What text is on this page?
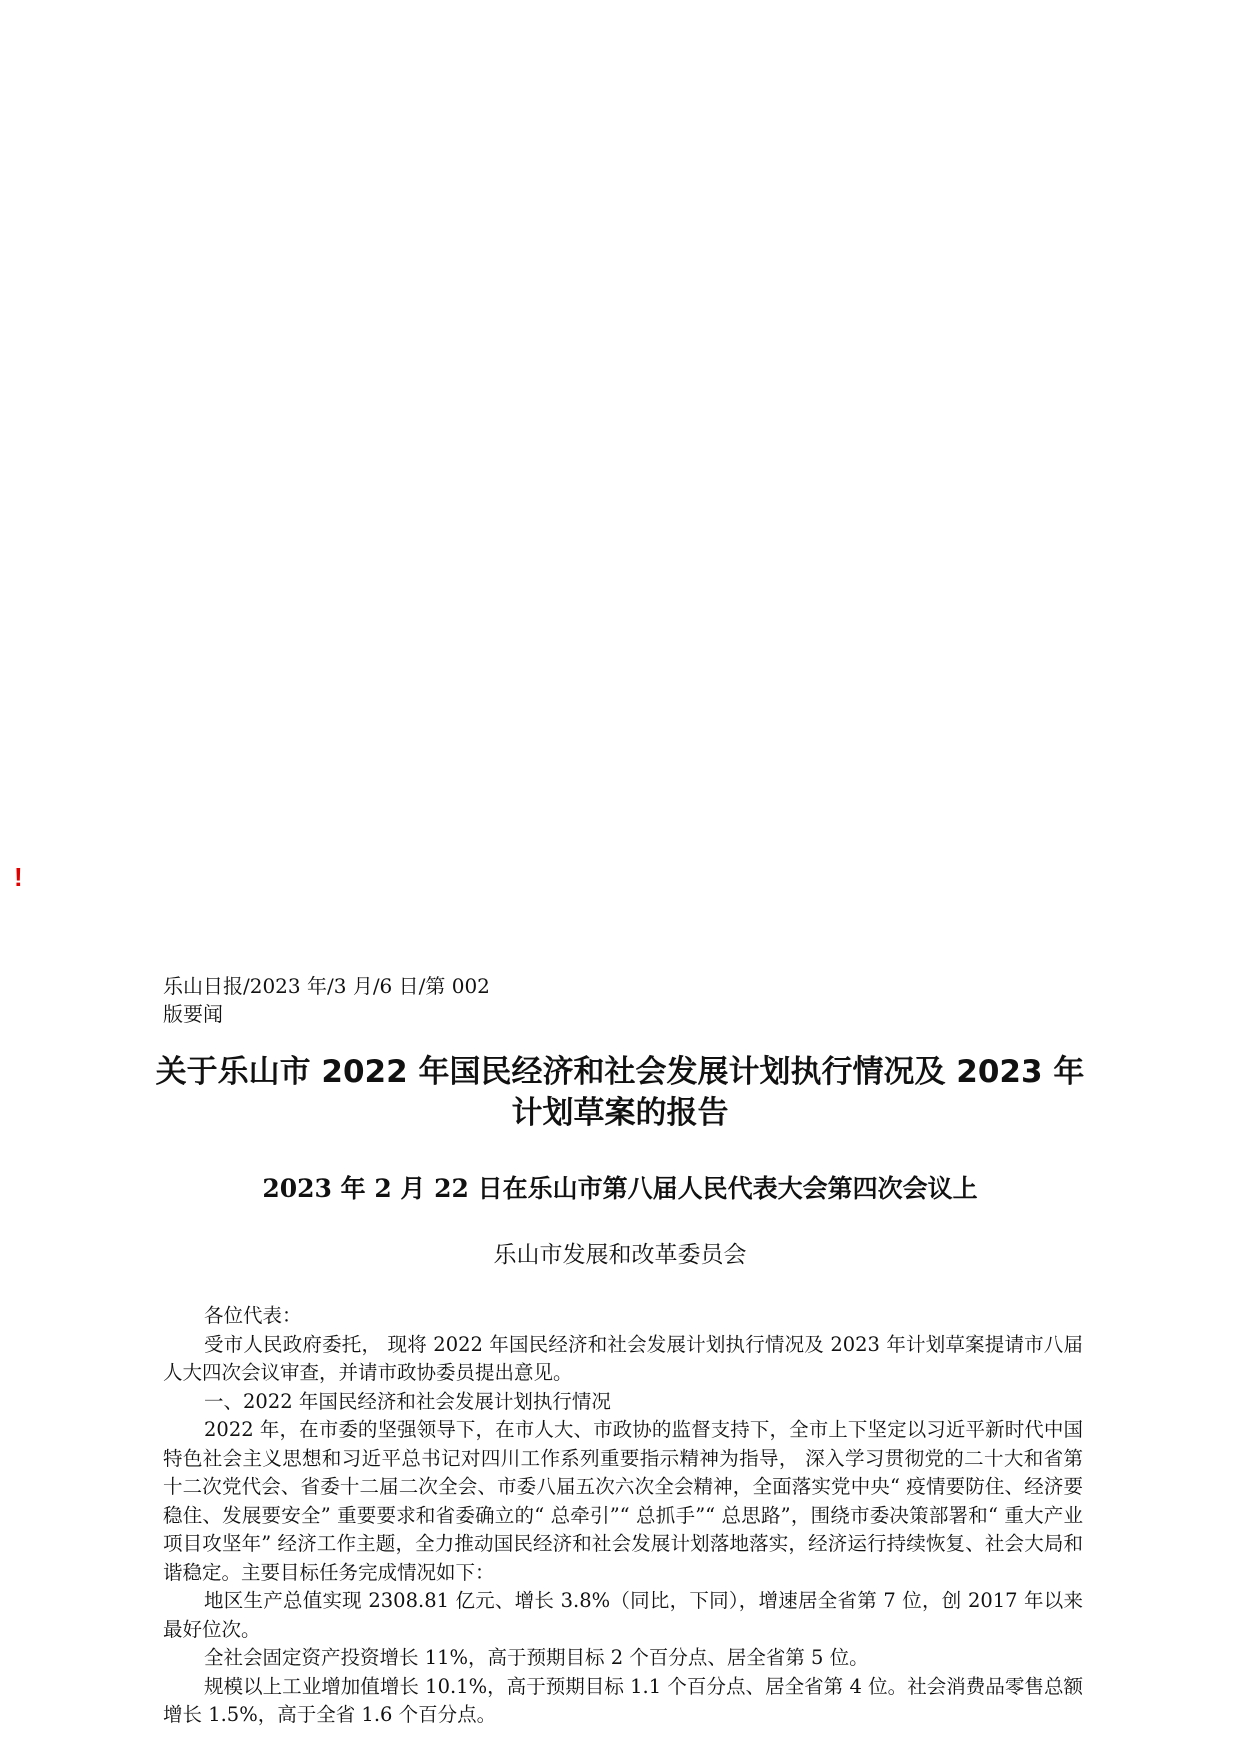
!
乐山日报/2023 年/3 月/6 日/第 002
版要闻
关于乐山市 2022 年国民经济和社会发展计划执行情况及 2023 年计划草案的报告
2023 年 2 月 22 日在乐山市第八届人民代表大会第四次会议上
乐山市发展和改革委员会

各位代表：

受市人民政府委托， 现将 2022 年国民经济和社会发展计划执行情况及 2023 年计划草案提请市八届人大四次会议审查，并请市政协委员提出意见。

一、2022 年国民经济和社会发展计划执行情况

2022 年，在市委的坚强领导下，在市人大、市政协的监督支持下，全市上下坚定以习近平新时代中国特色社会主义思想和习近平总书记对四川工作系列重要指示精神为指导， 深入学习贯彻党的二十大和省第十二次党代会、省委十二届二次全会、市委八届五次六次全会精神，全面落实党中央“ 疫情要防住、经济要稳住、发展要安全” 重要要求和省委确立的“ 总牵引”“ 总抓手”“ 总思路”，围绕市委决策部署和“ 重大产业项目攻坚年” 经济工作主题，全力推动国民经济和社会发展计划落地落实，经济运行持续恢复、社会大局和谐稳定。主要目标任务完成情况如下：

地区生产总值实现 2308.81 亿元、增长 3.8%（同比，下同），增速居全省第 7 位，创 2017 年以来最好位次。

全社会固定资产投资增长 11%，高于预期目标 2 个百分点、居全省第 5 位。

规模以上工业增加值增长 10.1%，高于预期目标 1.1 个百分点、居全省第 4 位。社会消费品零售总额增长 1.5%，高于全省 1.6 个百分点。
